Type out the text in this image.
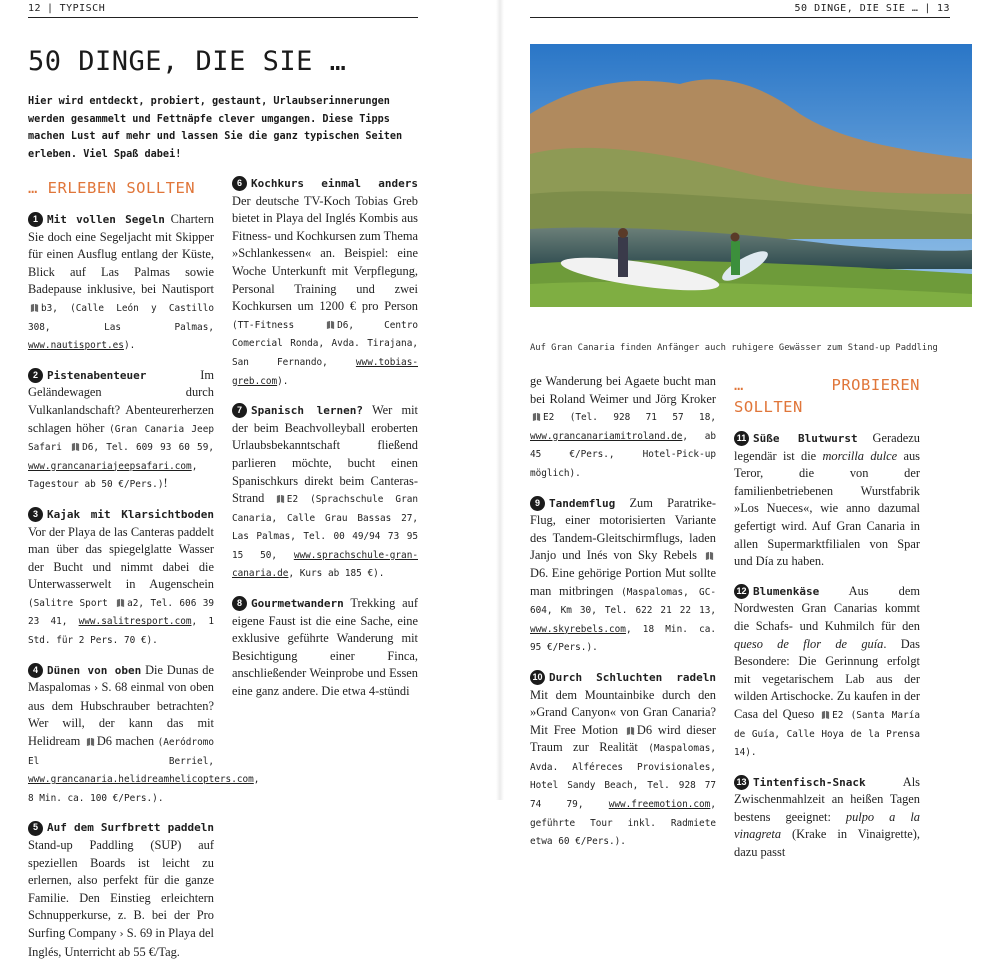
12 | TYPISCH
50 DINGE, DIE SIE …

Hier wird entdeckt, probiert, gestaunt, Urlaubserinnerungen werden gesammelt und Fettnäpfe clever umgangen. Diese Tipps machen Lust auf mehr und lassen Sie die ganz typischen Seiten erleben. Viel Spaß dabei!

… ERLEBEN SOLLTEN
1 Mit vollen Segeln Chartern Sie doch eine Segeljacht mit Skipper für einen Ausflug entlang der Küste, Blick auf Las Palmas sowie Badepause inklusive, bei Nautisport b3, (Calle León y Castillo 308, Las Palmas, www.nautisport.es).
2 Pistenabenteuer Im Geländewagen durch Vulkanlandschaft? Abenteurerherzen schlagen höher (Gran Canaria Jeep Safari D6, Tel. 609 93 60 59, www.grancanariajeepsafari.com, Tagestour ab 50 €/Pers.)!
3 Kajak mit Klarsichtboden Vor der Playa de las Canteras paddelt man über das spiegelglatte Wasser der Bucht und nimmt dabei die Unterwasserwelt in Augenschein (Salitre Sport a2, Tel. 606 39 23 41, www.salitresport.com, 1 Std. für 2 Pers. 70 €).
4 Dünen von oben Die Dunas de Maspalomas › S. 68 einmal von oben aus dem Hubschrauber betrachten? Wer will, der kann das mit Helidream D6 machen (Aeródromo El Berriel, www.grancanaria.helidreamhelicopters.com, 8 Min. ca. 100 €/Pers.).
5 Auf dem Surfbrett paddeln Stand-up Paddling (SUP) auf speziellen Boards ist leicht zu erlernen, also perfekt für die ganze Familie. Den Einstieg erleichtern Schnupperkurse, z. B. bei der Pro Surfing Company › S. 69 in Playa del Inglés, Unterricht ab 55 €/Tag.
6 Kochkurs einmal anders Der deutsche TV-Koch Tobias Greb bietet in Playa del Inglés Kombis aus Fitness- und Kochkursen zum Thema »Schlankessen« an. Beispiel: eine Woche Unterkunft mit Verpflegung, Personal Training und zwei Kochkursen um 1200 € pro Person (TT-Fitness D6, Centro Comercial Ronda, Avda. Tirajana, San Fernando, www.tobias-greb.com).
7 Spanisch lernen? Wer mit der beim Beachvolleyball eroberten Urlaubsbekanntschaft fließend parlieren möchte, bucht einen Spanischkurs direkt beim Canteras-Strand E2 (Sprachschule Gran Canaria, Calle Grau Bassas 27, Las Palmas, Tel. 00 49/94 73 95 15 50, www.sprachschule-gran-canaria.de, Kurs ab 185 €).
8 Gourmetwandern Trekking auf eigene Faust ist die eine Sache, eine exklusive geführte Wanderung mit Besichtigung einer Finca, anschließender Weinprobe und Essen eine ganz andere. Die etwa 4-stündi
50 DINGE, DIE SIE … | 13

Auf Gran Canaria finden Anfänger auch ruhigere Gewässer zum Stand-up Paddling

ge Wanderung bei Agaete bucht man bei Roland Weimer und Jörg Kroker E2 (Tel. 928 71 57 18, www.grancanariamitroland.de, ab 45 €/Pers., Hotel-Pick-up möglich).
9 Tandemflug Zum Paratrike-Flug, einer motorisierten Variante des Tandem-Gleitschirmflugs, laden Janjo und Inés von Sky Rebels D6. Eine gehörige Portion Mut sollte man mitbringen (Maspalomas, GC-604, Km 30, Tel. 622 21 22 13, www.skyrebels.com, 18 Min. ca. 95 €/Pers.).
10 Durch Schluchten radeln Mit dem Mountainbike durch den »Grand Canyon« von Gran Canaria? Mit Free Motion D6 wird dieser Traum zur Realität (Maspalomas, Avda. Alféreces Provisionales, Hotel Sandy Beach, Tel. 928 77 74 79, www.freemotion.com, geführte Tour inkl. Radmiete etwa 60 €/Pers.).
… PROBIEREN SOLLTEN
11 Süße Blutwurst Geradezu legendär ist die morcilla dulce aus Teror, die von der familienbetriebenen Wurstfabrik »Los Nueces«, wie anno dazumal gefertigt wird. Auf Gran Canaria in allen Supermarktfilialen von Spar und Día zu haben.
12 Blumenkäse Aus dem Nordwesten Gran Canarias kommt die Schafs- und Kuhmilch für den queso de flor de guía. Das Besondere: Die Gerinnung erfolgt mit vegetarischem Lab aus der wilden Artischocke. Zu kaufen in der Casa del Queso E2 (Santa María de Guía, Calle Hoya de la Prensa 14).
13 Tintenfisch-Snack Als Zwischenmahlzeit an heißen Tagen bestens geeignet: pulpo a la vinagreta (Krake in Vinaigrette), dazu passt
